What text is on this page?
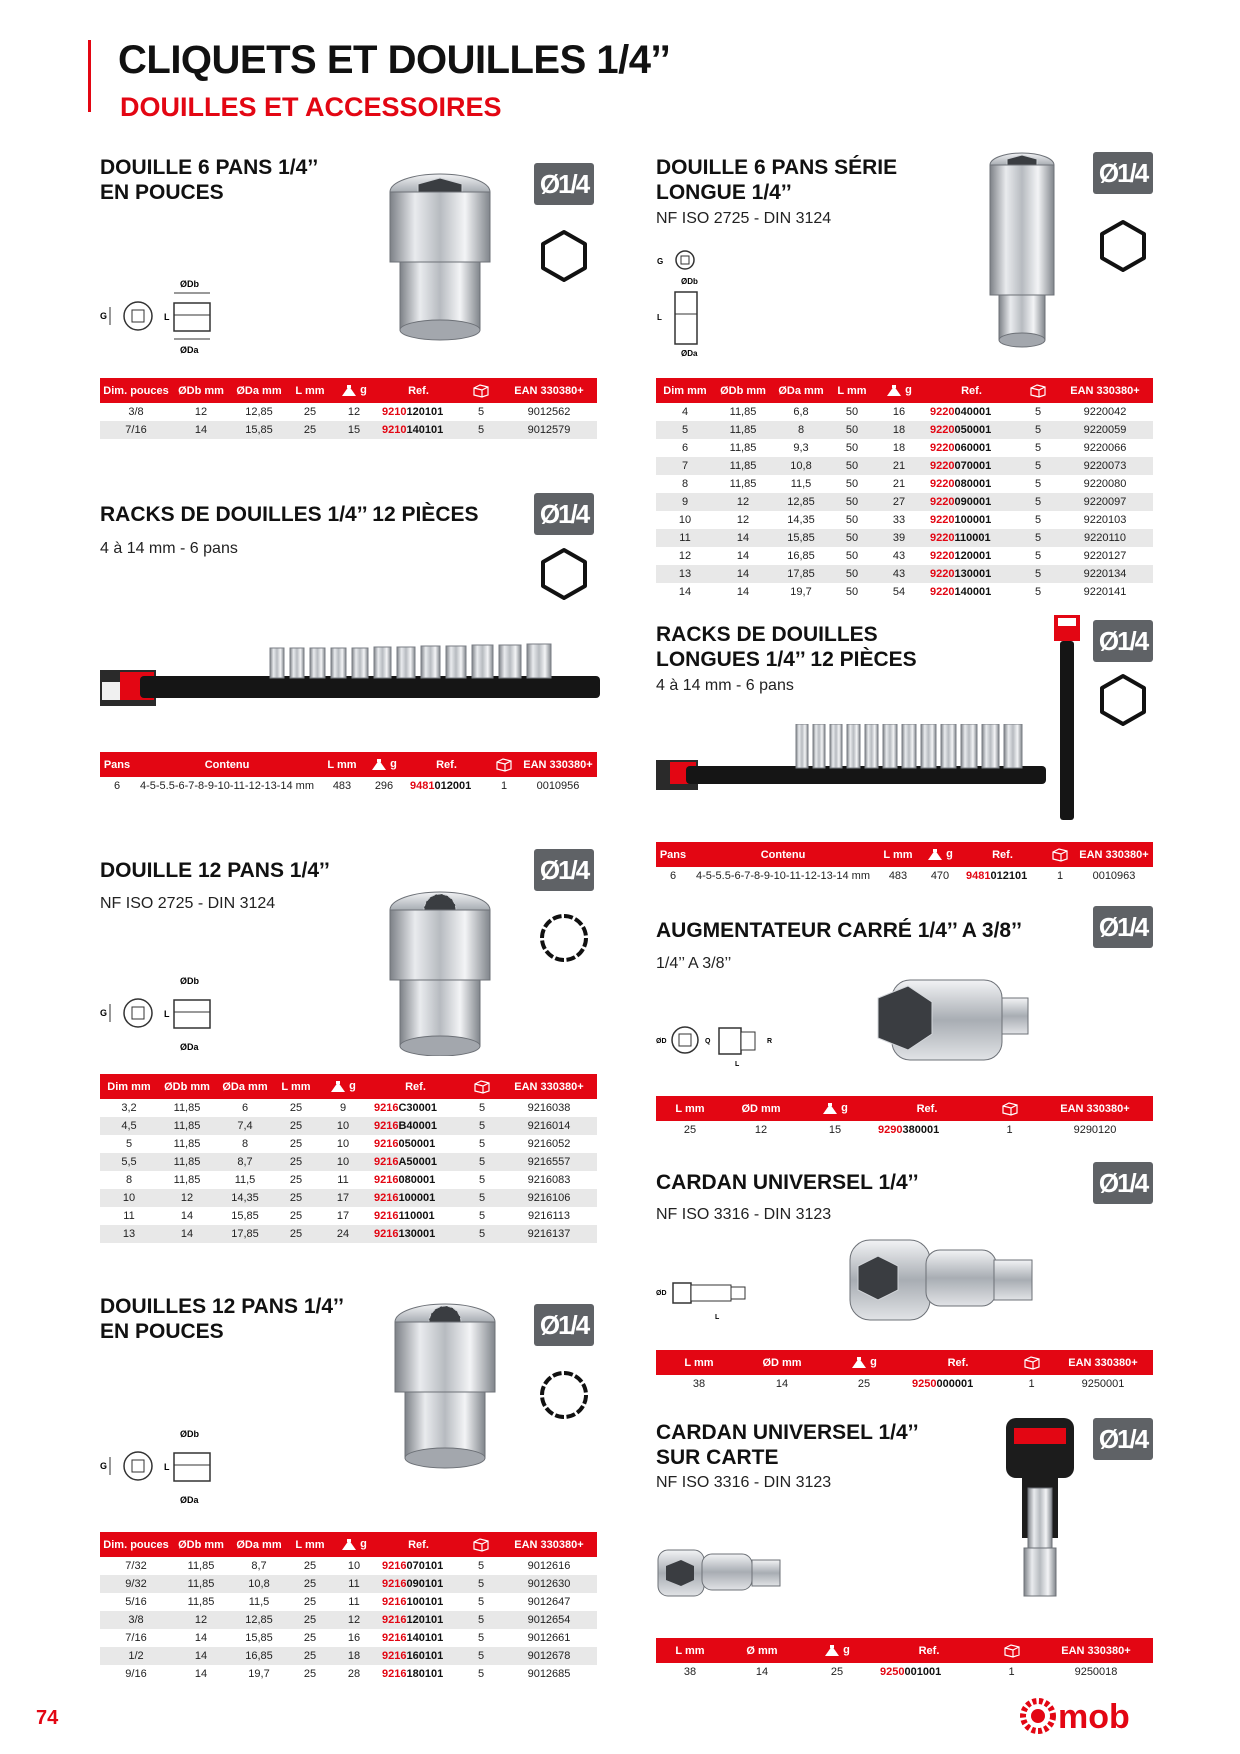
CLIQUETS ET DOUILLES 1/4’’
DOUILLES ET ACCESSOIRES
DOUILLE 6 PANS 1/4’’
EN POUCES	Ø1/4
G	L
ØDb
ØDa
Dim. pouces	ØDb mm	ØDa mm	L mm	g	Ref.		EAN 330380+
3/8	12	12,85	25	12	9210120101	5	9012562
7/16	14	15,85	25	15	9210140101	5	9012579
DOUILLE 6 PANS SÉRIE
LONGUE 1/4’’
NF ISO 2725 - DIN 3124
Ø1/4
G
ØDb
L
ØDa
Dim mm	ØDb mm	ØDa mm	L mm	g	Ref.		EAN 330380+
4	11,85	6,8	50	16	9220040001	5	9220042
5	11,85	8	50	18	9220050001	5	9220059
6	11,85	9,3	50	18	9220060001	5	9220066
7	11,85	10,8	50	21	9220070001	5	9220073
8	11,85	11,5	50	21	9220080001	5	9220080
9	12	12,85	50	27	9220090001	5	9220097
10	12	14,35	50	33	9220100001	5	9220103
11	14	15,85	50	39	9220110001	5	9220110
12	14	16,85	50	43	9220120001	5	9220127
13	14	17,85	50	43	9220130001	5	9220134
14	14	19,7	50	54	9220140001	5	9220141
RACKS DE DOUILLES 1/4’’ 12 PIÈCES
4 à 14 mm - 6 pans
Ø1/4
Pans	Contenu	L mm	g	Ref.		EAN 330380+
6	4-5-5.5-6-7-8-9-10-11-12-13-14 mm	483	296	9481012001	1	0010956
RACKS DE DOUILLES
LONGUES 1/4’’ 12 PIÈCES
4 à 14 mm - 6 pans
Ø1/4
Pans	Contenu	L mm	g	Ref.		EAN 330380+
6	4-5-5.5-6-7-8-9-10-11-12-13-14 mm	483	470	9481012101	1	0010963
DOUILLE 12 PANS 1/4’’
NF ISO 2725 - DIN 3124
Ø1/4
G	L
ØDb
ØDa
Dim mm	ØDb mm	ØDa mm	L mm	g	Ref.		EAN 330380+
3,2	11,85	6	25	9	9216C30001	5	9216038
4,5	11,85	7,4	25	10	9216B40001	5	9216014
5	11,85	8	25	10	9216050001	5	9216052
5,5	11,85	8,7	25	10	9216A50001	5	9216557
8	11,85	11,5	25	11	9216080001	5	9216083
10	12	14,35	25	17	9216100001	5	9216106
11	14	15,85	25	17	9216110001	5	9216113
13	14	17,85	25	24	9216130001	5	9216137
AUGMENTATEUR CARRÉ 1/4’’ A 3/8’’
1/4’’ A 3/8’’
Ø1/4
ØD	Q	R
L
L mm	ØD mm	g	Ref.		EAN 330380+
25	12	15	9290380001	1	9290120
CARDAN UNIVERSEL 1/4’’
NF ISO 3316 - DIN 3123
Ø1/4
ØD
L
L mm	ØD mm	g	Ref.		EAN 330380+
38	14	25	9250000001	1	9250001
DOUILLES 12 PANS 1/4’’
EN POUCES	Ø1/4
G	L
ØDb
ØDa
Dim. pouces	ØDb mm	ØDa mm	L mm	g	Ref.		EAN 330380+
7/32	11,85	8,7	25	10	9216070101	5	9012616
9/32	11,85	10,8	25	11	9216090101	5	9012630
5/16	11,85	11,5	25	11	9216100101	5	9012647
3/8	12	12,85	25	12	9216120101	5	9012654
7/16	14	15,85	25	16	9216140101	5	9012661
1/2	14	16,85	25	18	9216160101	5	9012678
9/16	14	19,7	25	28	9216180101	5	9012685
CARDAN UNIVERSEL 1/4’’
SUR CARTE
NF ISO 3316 - DIN 3123
Ø1/4
L mm	Ø mm	g	Ref.		EAN 330380+
38	14	25	9250001001	1	9250018
74	mob
